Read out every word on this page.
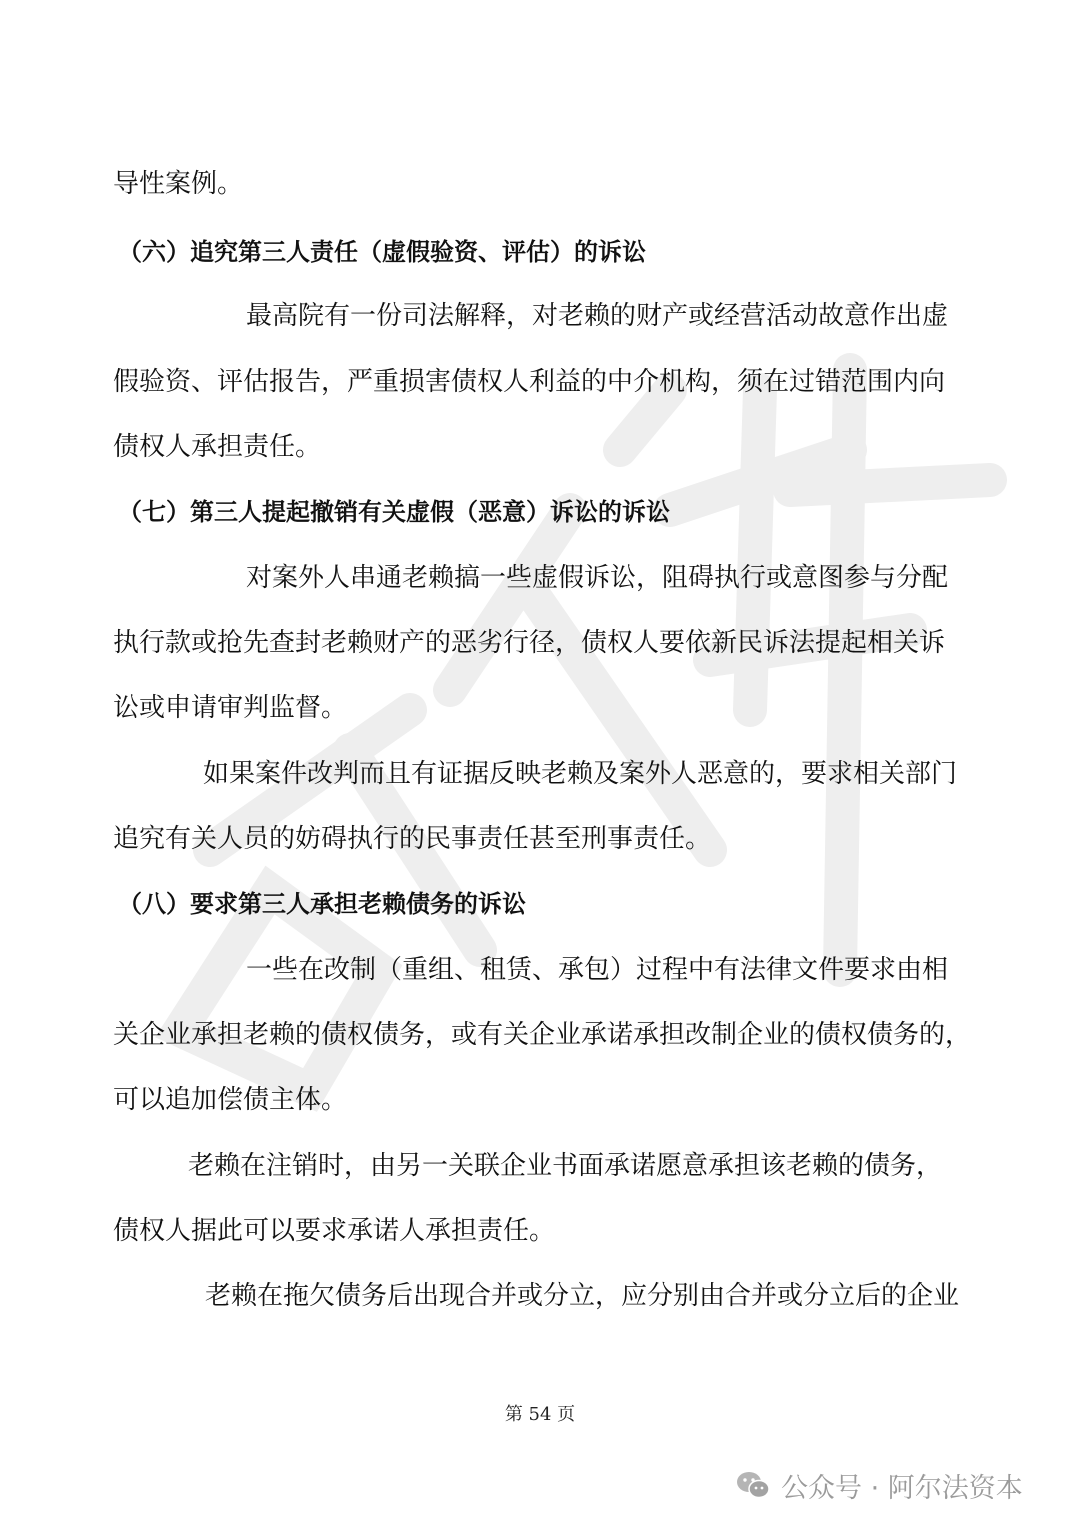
导性案例。
（六）追究第三人责任（虚假验资、评估）的诉讼
最高院有一份司法解释，对老赖的财产或经营活动故意作出虚
假验资、评估报告，严重损害债权人利益的中介机构，须在过错范围内向
债权人承担责任。
（七）第三人提起撤销有关虚假（恶意）诉讼的诉讼
对案外人串通老赖搞一些虚假诉讼，阻碍执行或意图参与分配
执行款或抢先查封老赖财产的恶劣行径，债权人要依新民诉法提起相关诉
讼或申请审判监督。
如果案件改判而且有证据反映老赖及案外人恶意的，要求相关部门
追究有关人员的妨碍执行的民事责任甚至刑事责任。
（八）要求第三人承担老赖债务的诉讼
一些在改制（重组、租赁、承包）过程中有法律文件要求由相
关企业承担老赖的债权债务，或有关企业承诺承担改制企业的债权债务的，
可以追加偿债主体。
老赖在注销时，由另一关联企业书面承诺愿意承担该老赖的债务，
债权人据此可以要求承诺人承担责任。
老赖在拖欠债务后出现合并或分立，应分别由合并或分立后的企业
第 54 页
公众号 · 阿尔法资本
